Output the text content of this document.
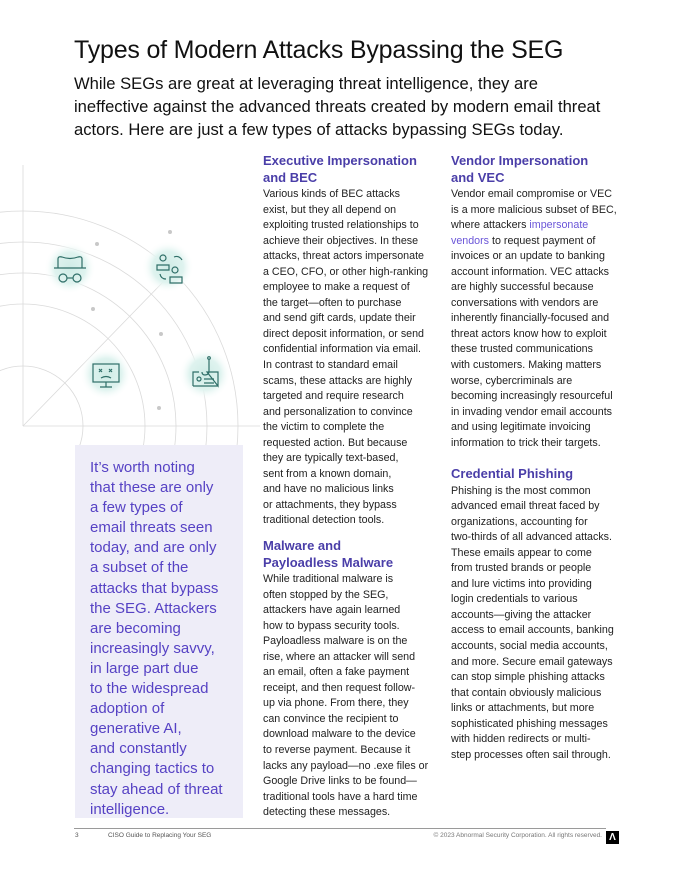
Types of Modern Attacks Bypassing the SEG

While SEGs are great at leveraging threat intelligence, they are
ineffective against the advanced threats created by modern email threat
actors. Here are just a few types of attacks bypassing SEGs today.

It’s worth noting
that these are only
a few types of
email threats seen
today, and are only
a subset of the
attacks that bypass
the SEG. Attackers
are becoming
increasingly savvy,
in large part due
to the widespread
adoption of
generative AI,
and constantly
changing tactics to
stay ahead of threat
intelligence.

Executive Impersonation
and BEC

Various kinds of BEC attacks
exist, but they all depend on
exploiting trusted relationships to
achieve their objectives. In these
attacks, threat actors impersonate
a CEO, CFO, or other high-ranking
employee to make a request of
the target—often to purchase
and send gift cards, update their
direct deposit information, or send
confidential information via email.
In contrast to standard email
scams, these attacks are highly
targeted and require research
and personalization to convince
the victim to complete the
requested action. But because
they are typically text-based,
sent from a known domain,
and have no malicious links
or attachments, they bypass
traditional detection tools.

Malware and
Payloadless Malware

While traditional malware is
often stopped by the SEG,
attackers have again learned
how to bypass security tools.
Payloadless malware is on the
rise, where an attacker will send
an email, often a fake payment
receipt, and then request follow-
up via phone. From there, they
can convince the recipient to
download malware to the device
to reverse payment. Because it
lacks any payload—no .exe files or
Google Drive links to be found—
traditional tools have a hard time
detecting these messages.

Vendor Impersonation
and VEC

Vendor email compromise or VEC
is a more malicious subset of BEC,
where attackers impersonate
vendors to request payment of
invoices or an update to banking
account information. VEC attacks
are highly successful because
conversations with vendors are
inherently financially-focused and
threat actors know how to exploit
these trusted communications
with customers. Making matters
worse, cybercriminals are
becoming increasingly resourceful
in invading vendor email accounts
and using legitimate invoicing
information to trick their targets.

Credential Phishing

Phishing is the most common
advanced email threat faced by
organizations, accounting for
two-thirds of all advanced attacks.
These emails appear to come
from trusted brands or people
and lure victims into providing
login credentials to various
accounts—giving the attacker
access to email accounts, banking
accounts, social media accounts,
and more. Secure email gateways
can stop simple phishing attacks
that contain obviously malicious
links or attachments, but more
sophisticated phishing messages
with hidden redirects or multi-
step processes often sail through.

3	CISO Guide to Replacing Your SEG	© 2023 Abnormal Security Corporation. All rights reserved. Λ
